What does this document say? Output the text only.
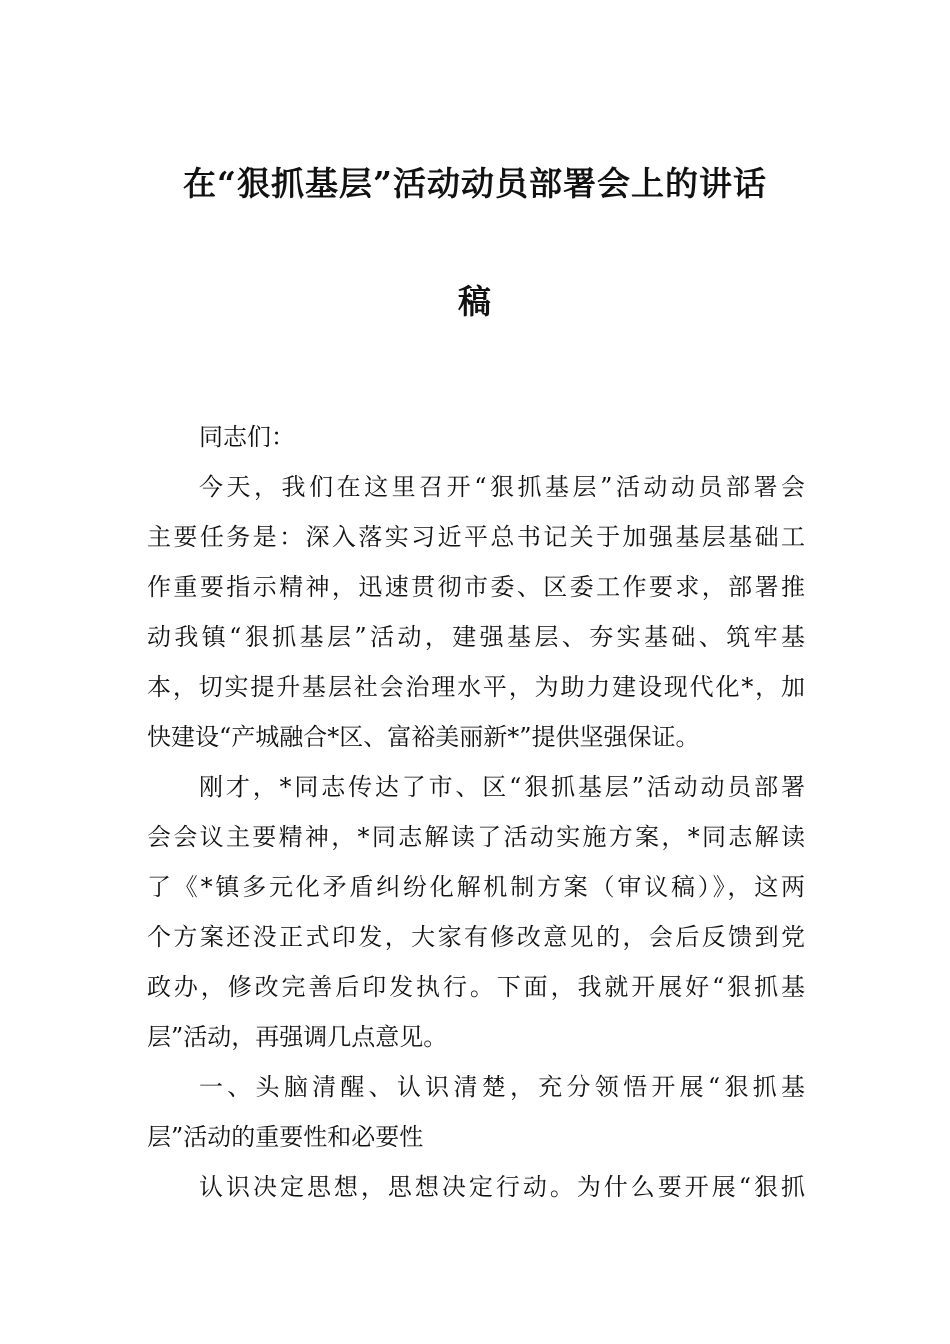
在“狠抓基层”活动动员部署会上的讲话
稿
同志们：
今天，我们在这里召开“狠抓基层”活动动员部署会
主要任务是：深入落实习近平总书记关于加强基层基础工
作重要指示精神，迅速贯彻市委、区委工作要求，部署推
动我镇“狠抓基层”活动，建强基层、夯实基础、筑牢基
本，切实提升基层社会治理水平，为助力建设现代化*，加
快建设“产城融合*区、富裕美丽新*”提供坚强保证。
刚才，*同志传达了市、区“狠抓基层”活动动员部署
会会议主要精神，*同志解读了活动实施方案，*同志解读
了《*镇多元化矛盾纠纷化解机制方案（审议稿）》，这两
个方案还没正式印发，大家有修改意见的，会后反馈到党
政办，修改完善后印发执行。下面，我就开展好“狠抓基
层”活动，再强调几点意见。
一、头脑清醒、认识清楚，充分领悟开展“狠抓基
层”活动的重要性和必要性
认识决定思想，思想决定行动。为什么要开展“狠抓
